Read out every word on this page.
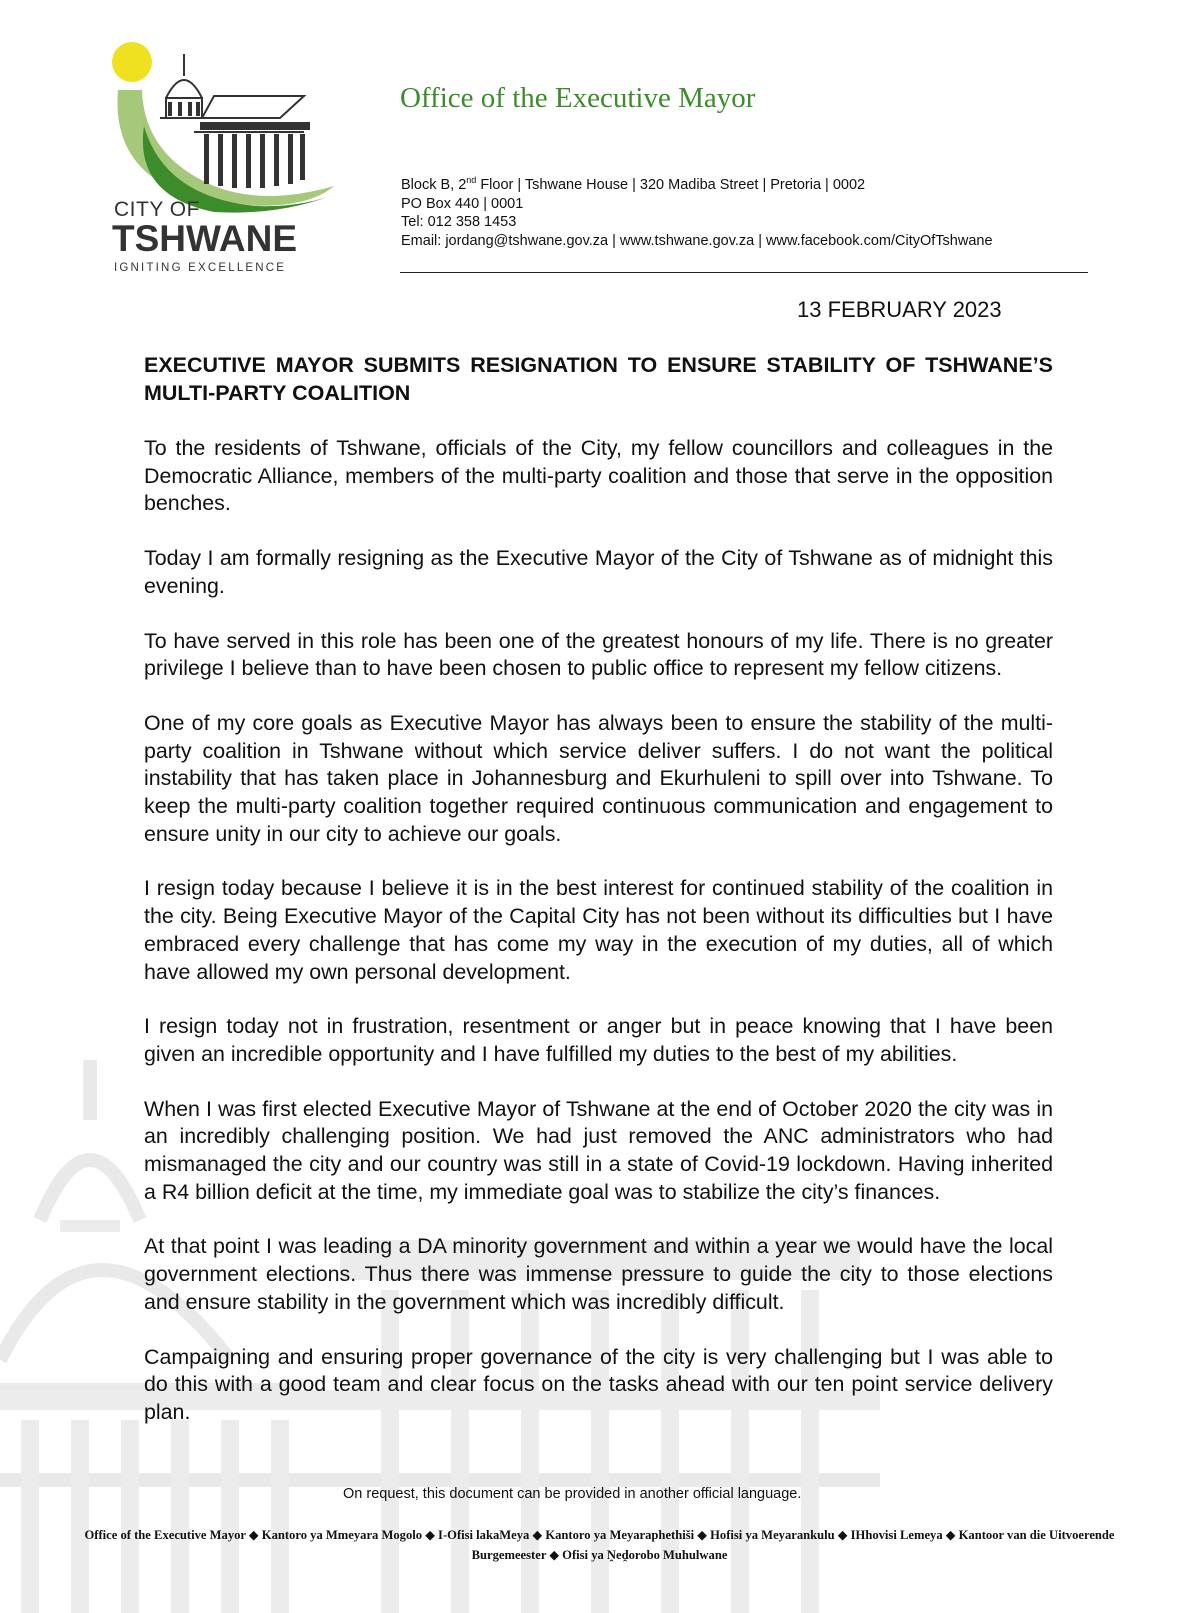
CITY OF
TSHWANE
IGNITING EXCELLENCE
Office of the Executive Mayor
Block B, 2nd Floor | Tshwane House | 320 Madiba Street | Pretoria | 0002
PO Box 440 | 0001
Tel: 012 358 1453
Email: jordang@tshwane.gov.za | www.tshwane.gov.za | www.facebook.com/CityOfTshwane
13 FEBRUARY 2023
EXECUTIVE MAYOR SUBMITS RESIGNATION TO ENSURE STABILITY OF TSHWANE’S MULTI-PARTY COALITION

To the residents of Tshwane, officials of the City, my fellow councillors and colleagues in the Democratic Alliance, members of the multi-party coalition and those that serve in the opposition benches.

Today I am formally resigning as the Executive Mayor of the City of Tshwane as of midnight this evening.

To have served in this role has been one of the greatest honours of my life. There is no greater privilege I believe than to have been chosen to public office to represent my fellow citizens.

One of my core goals as Executive Mayor has always been to ensure the stability of the multi-party coalition in Tshwane without which service deliver suffers. I do not want the political instability that has taken place in Johannesburg and Ekurhuleni to spill over into Tshwane. To keep the multi-party coalition together required continuous communication and engagement to ensure unity in our city to achieve our goals.

I resign today because I believe it is in the best interest for continued stability of the coalition in the city. Being Executive Mayor of the Capital City has not been without its difficulties but I have embraced every challenge that has come my way in the execution of my duties, all of which have allowed my own personal development.

I resign today not in frustration, resentment or anger but in peace knowing that I have been given an incredible opportunity and I have fulfilled my duties to the best of my abilities.

When I was first elected Executive Mayor of Tshwane at the end of October 2020 the city was in an incredibly challenging position. We had just removed the ANC administrators who had mismanaged the city and our country was still in a state of Covid-19 lockdown. Having inherited a R4 billion deficit at the time, my immediate goal was to stabilize the city’s finances.

At that point I was leading a DA minority government and within a year we would have the local government elections. Thus there was immense pressure to guide the city to those elections and ensure stability in the government which was incredibly difficult.

Campaigning and ensuring proper governance of the city is very challenging but I was able to do this with a good team and clear focus on the tasks ahead with our ten point service delivery plan.

On request, this document can be provided in another official language.
Office of the Executive Mayor ◆ Kantoro ya Mmeyara Mogolo ◆ I-Ofisi lakaMeya ◆ Kantoro ya Meyaraphethiši ◆ Hofisi ya Meyarankulu ◆ IHhovisi Lemeya ◆ Kantoor van die Uitvoerende
Burgemeester ◆ Ofisi ya Ṋeḓorobo Muhulwane
